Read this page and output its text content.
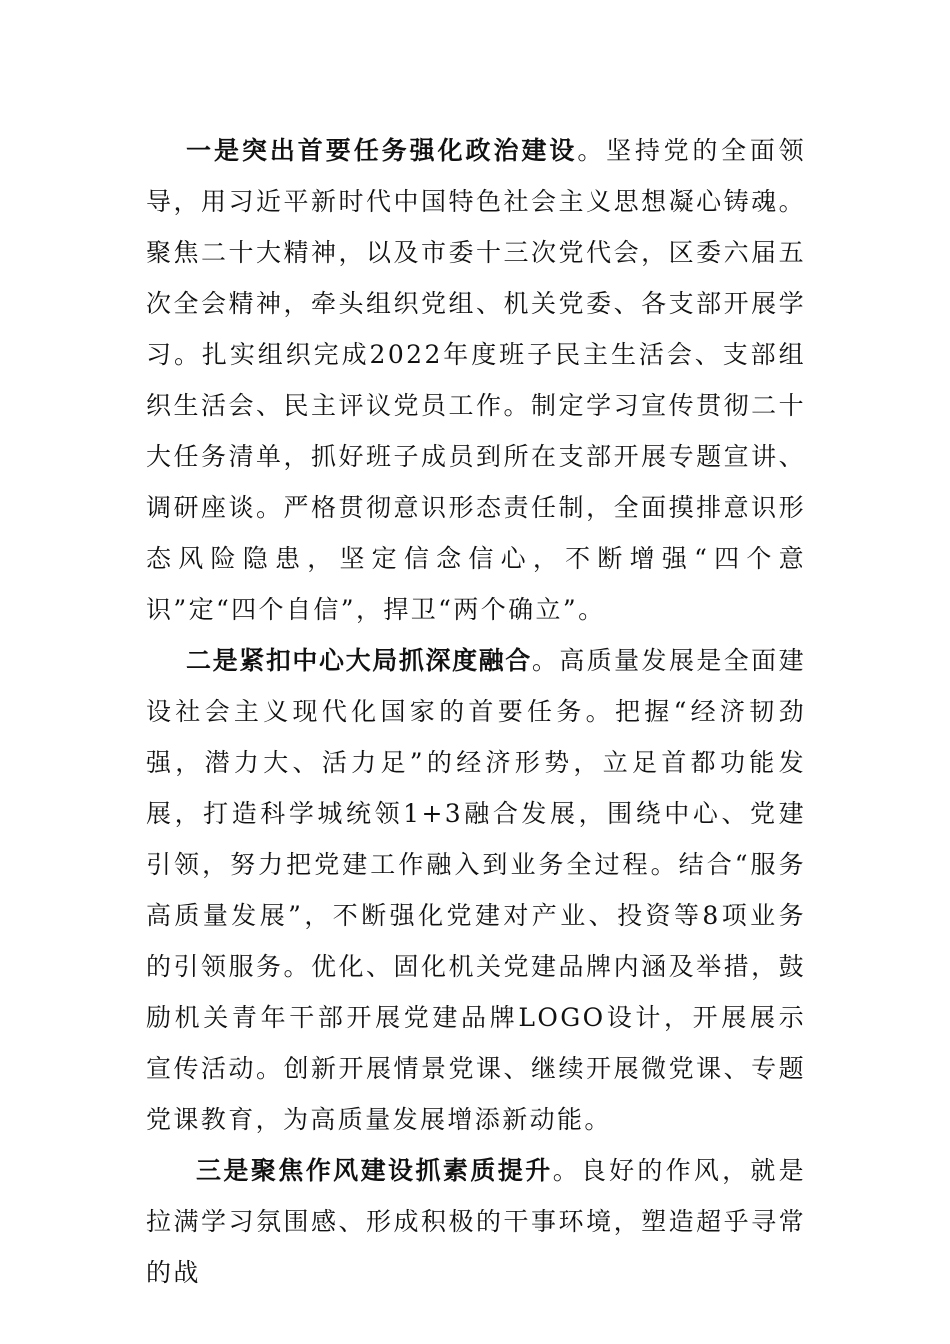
一是突出首要任务强化政治建设。坚持党的全面领导，用习近平新时代中国特色社会主义思想凝心铸魂。聚焦二十大精神，以及市委十三次党代会，区委六届五次全会精神，牵头组织党组、机关党委、各支部开展学习。扎实组织完成2022年度班子民主生活会、支部组织生活会、民主评议党员工作。制定学习宣传贯彻二十大任务清单，抓好班子成员到所在支部开展专题宣讲、调研座谈。严格贯彻意识形态责任制，全面摸排意识形态风险隐患，坚定信念信心，不断增强“四个意识”定“四个自信”，捍卫“两个确立”。

二是紧扣中心大局抓深度融合。高质量发展是全面建设社会主义现代化国家的首要任务。把握“经济韧劲强，潜力大、活力足”的经济形势，立足首都功能发展，打造科学城统领1+3融合发展，围绕中心、党建引领，努力把党建工作融入到业务全过程。结合“服务高质量发展”，不断强化党建对产业、投资等8项业务的引领服务。优化、固化机关党建品牌内涵及举措，鼓励机关青年干部开展党建品牌LOGO设计，开展展示宣传活动。创新开展情景党课、继续开展微党课、专题党课教育，为高质量发展增添新动能。

三是聚焦作风建设抓素质提升。良好的作风，就是拉满学习氛围感、形成积极的干事环境，塑造超乎寻常的战
